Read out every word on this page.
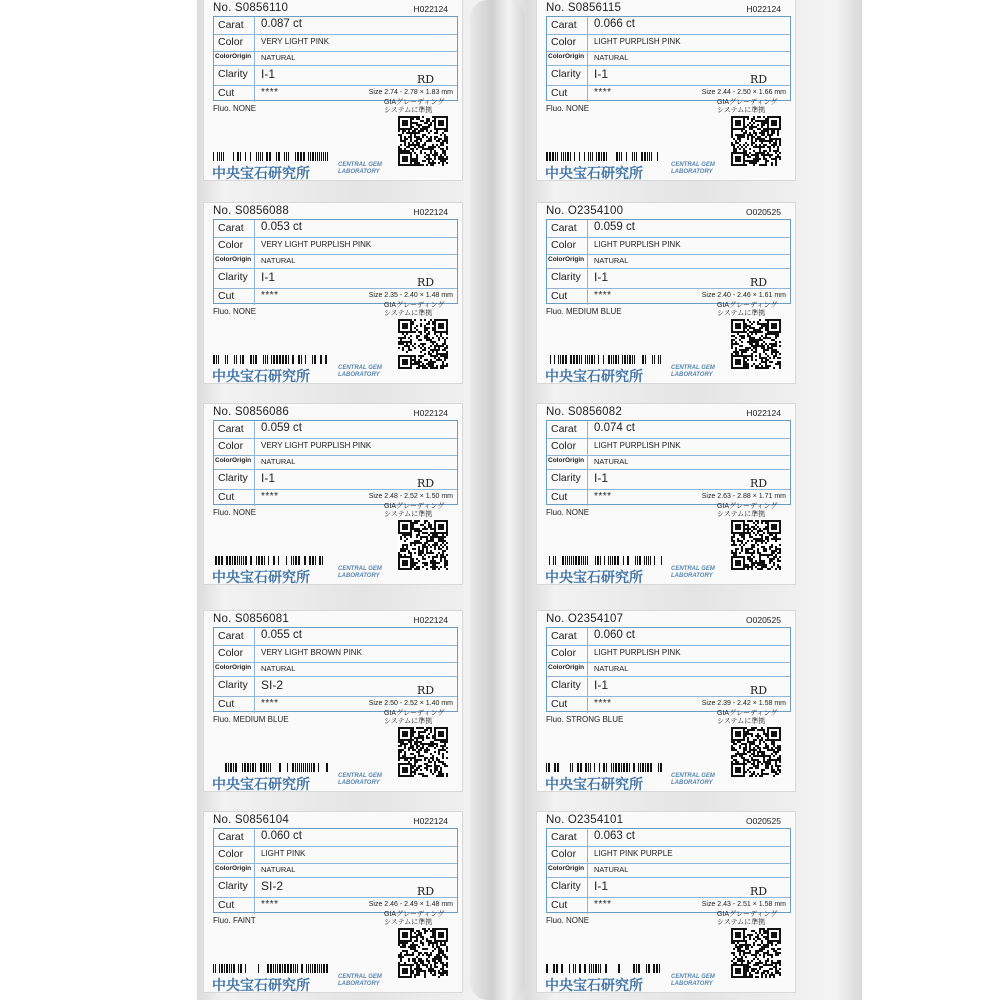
No. S0856110	H022124
Carat 0.087 ct
Color VERY LIGHT PINK
ColorOrigin NATURAL
RD
Clarity I-1
GIAグレーディング
システムに準拠
Cut	****	Size 2.74 - 2.78 × 1.83 mm
Fluo. NONE
中央宝石研究所	CENTRAL GEM
LABORATORY
No. S0856115	H022124
Carat 0.066 ct
Color LIGHT PURPLISH PINK
ColorOrigin NATURAL
RD
Clarity I-1
GIAグレーディング
システムに準拠
Cut	****	Size 2.44 - 2.50 × 1.66 mm
Fluo. NONE
中央宝石研究所	CENTRAL GEM
LABORATORY
No. S0856088	H022124
Carat 0.053 ct
Color VERY LIGHT PURPLISH PINK
ColorOrigin NATURAL
RD
Clarity I-1
GIAグレーディング
システムに準拠
Cut	****	Size 2.35 - 2.40 × 1.48 mm
Fluo. NONE
中央宝石研究所	CENTRAL GEM
LABORATORY
No. O2354100	O020525
Carat 0.059 ct
Color LIGHT PURPLISH PINK
ColorOrigin NATURAL
RD
Clarity I-1
GIAグレーディング
システムに準拠
Cut	****	Size 2.40 - 2.46 × 1.61 mm
Fluo. MEDIUM BLUE
中央宝石研究所	CENTRAL GEM
LABORATORY
No. S0856086	H022124
Carat 0.059 ct
Color VERY LIGHT PURPLISH PINK
ColorOrigin NATURAL
RD
Clarity I-1
GIAグレーディング
システムに準拠
Cut	****	Size 2.48 - 2.52 × 1.50 mm
Fluo. NONE
中央宝石研究所	CENTRAL GEM
LABORATORY
No. S0856082	H022124
Carat 0.074 ct
Color LIGHT PURPLISH PINK
ColorOrigin NATURAL
RD
Clarity I-1
GIAグレーディング
システムに準拠
Cut	****	Size 2.63 - 2.88 × 1.71 mm
Fluo. NONE
中央宝石研究所	CENTRAL GEM
LABORATORY
No. S0856081	H022124
Carat 0.055 ct
Color VERY LIGHT BROWN PINK
ColorOrigin NATURAL
RD
Clarity SI-2
GIAグレーディング
システムに準拠
Cut	****	Size 2.50 - 2.52 × 1.40 mm
Fluo. MEDIUM BLUE
中央宝石研究所	CENTRAL GEM
LABORATORY
No. O2354107	O020525
Carat 0.060 ct
Color LIGHT PURPLISH PINK
ColorOrigin NATURAL
RD
Clarity I-1
GIAグレーディング
システムに準拠
Cut	****	Size 2.39 - 2.42 × 1.58 mm
Fluo. STRONG BLUE
中央宝石研究所	CENTRAL GEM
LABORATORY
No. S0856104	H022124
Carat 0.060 ct
Color LIGHT PINK
ColorOrigin NATURAL
RD
Clarity SI-2
GIAグレーディング
システムに準拠
Cut	****	Size 2.46 - 2.49 × 1.48 mm
Fluo. FAINT
中央宝石研究所	CENTRAL GEM
LABORATORY
No. O2354101	O020525
Carat 0.063 ct
Color LIGHT PINK PURPLE
ColorOrigin NATURAL
RD
Clarity I-1
GIAグレーディング
システムに準拠
Cut	****	Size 2.43 - 2.51 × 1.58 mm
Fluo. NONE
中央宝石研究所	CENTRAL GEM
LABORATORY
